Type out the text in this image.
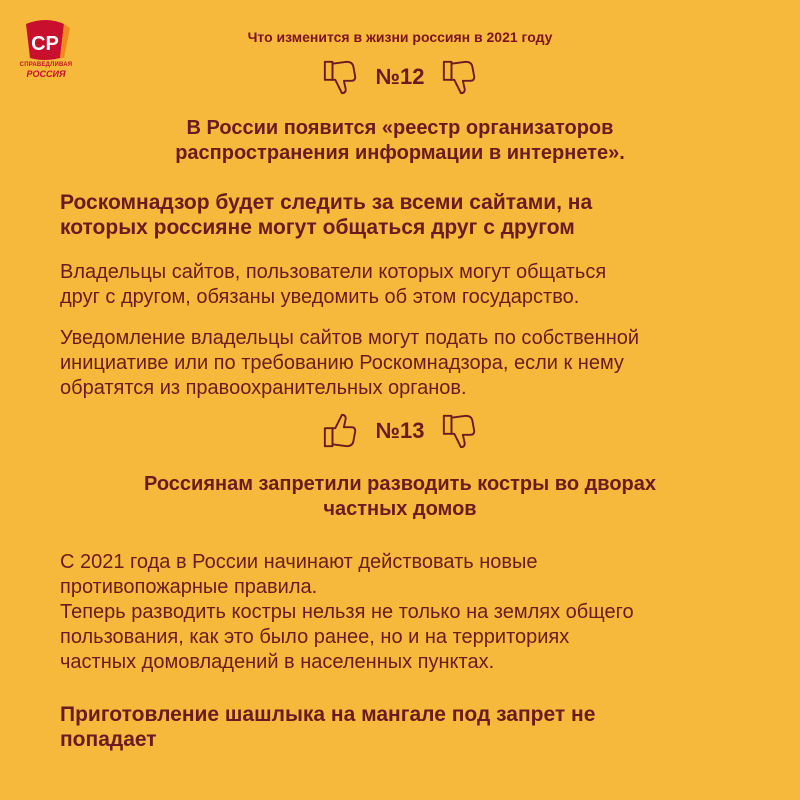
СР
СПРАВЕДЛИВАЯ
РОССИЯ
Что изменится в жизни россиян в 2021 году
№12
В России появится «реестр организаторов
распространения информации в интернете».
Роскомнадзор будет следить за всеми сайтами, на
которых россияне могут общаться друг с другом
Владельцы сайтов, пользователи которых могут общаться
друг с другом, обязаны уведомить об этом государство.
Уведомление владельцы сайтов могут подать по собственной
инициативе или по требованию Роскомнадзора, если к нему
обратятся из правоохранительных органов.
№13
Россиянам запретили разводить костры во дворах
частных домов
С 2021 года в России начинают действовать новые
противопожарные правила.
Теперь разводить костры нельзя не только на землях общего
пользования, как это было ранее, но и на территориях
частных домовладений в населенных пунктах.
Приготовление шашлыка на мангале под запрет не
попадает
